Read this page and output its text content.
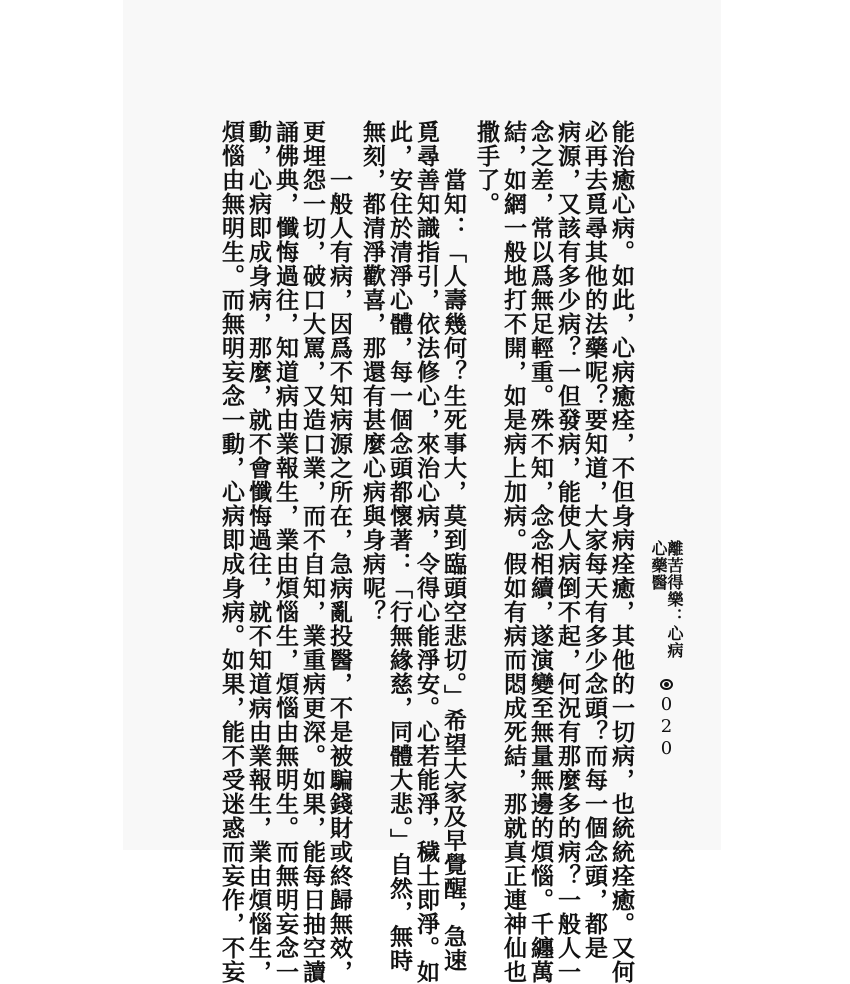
離苦得樂：心病心藥醫
020
能治癒心病。如此，心病癒痊，不但身病痊癒，其他的一切病，也統統痊癒。又何
必再去覓尋其他的法藥呢？要知道，大家每天有多少念頭？而每一個念頭，都是
病源，又該有多少病？一但發病，能使人病倒不起，何況有那麼多的病？一般人一
念之差，常以爲無足輕重。殊不知，念念相續，遂演變至無量無邊的煩惱。千纏萬
結，如網一般地打不開，如是病上加病。假如有病而悶成死結，那就真正連神仙也
撒手了。
　　當知：「人壽幾何？生死事大，莫到臨頭空悲切。」希望大家及早覺醒，急速
覓尋善知識指引，依法修心，來治心病，令得心能淨安。心若能淨，穢土即淨。如
此，安住於清淨心體，每一個念頭都懷著：「行無緣慈，同體大悲。」自然，無時
無刻，都清淨歡喜，那還有甚麼心病與身病呢？
　　一般人有病，因爲不知病源之所在，急病亂投醫，不是被騙錢財或終歸無效，
更埋怨一切，破口大罵，又造口業，而不自知，業重病更深。如果，能每日抽空讀
誦佛典，懺悔過往，知道病由業報生，業由煩惱生，煩惱由無明生。而無明妄念一
動，心病即成身病，那麼，就不會懺悔過往，就不知道病由業報生，業由煩惱生，
煩惱由無明生。而無明妄念一動，心病即成身病。如果，能不受迷惑而妄作，不妄
